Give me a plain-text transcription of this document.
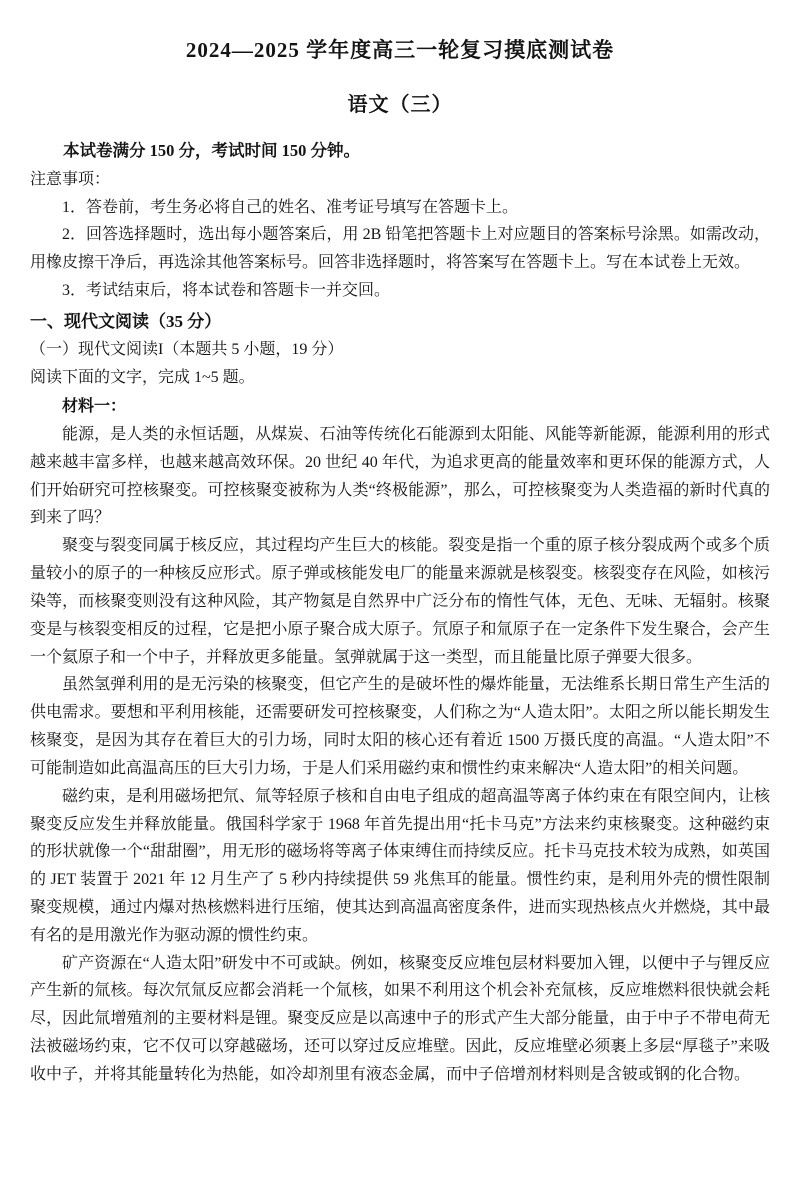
2024—2025 学年度高三一轮复习摸底测试卷
语文（三）

本试卷满分 150 分，考试时间 150 分钟。

注意事项：

1．答卷前，考生务必将自己的姓名、准考证号填写在答题卡上。

2．回答选择题时，选出每小题答案后，用 2B 铅笔把答题卡上对应题目的答案标号涂黑。如需改动，用橡皮擦干净后，再选涂其他答案标号。回答非选择题时，将答案写在答题卡上。写在本试卷上无效。

3．考试结束后，将本试卷和答题卡一并交回。

一、现代文阅读（35 分）

（一）现代文阅读I（本题共 5 小题，19 分）

阅读下面的文字，完成 1~5 题。

材料一：

能源，是人类的永恒话题，从煤炭、石油等传统化石能源到太阳能、风能等新能源，能源利用的形式越来越丰富多样，也越来越高效环保。20 世纪 40 年代，为追求更高的能量效率和更环保的能源方式，人们开始研究可控核聚变。可控核聚变被称为人类“终极能源”，那么，可控核聚变为人类造福的新时代真的到来了吗？

聚变与裂变同属于核反应，其过程均产生巨大的核能。裂变是指一个重的原子核分裂成两个或多个质量较小的原子的一种核反应形式。原子弹或核能发电厂的能量来源就是核裂变。核裂变存在风险，如核污染等，而核聚变则没有这种风险，其产物氦是自然界中广泛分布的惰性气体，无色、无味、无辐射。核聚变是与核裂变相反的过程，它是把小原子聚合成大原子。氘原子和氚原子在一定条件下发生聚合，会产生一个氦原子和一个中子，并释放更多能量。氢弹就属于这一类型，而且能量比原子弹要大很多。

虽然氢弹利用的是无污染的核聚变，但它产生的是破坏性的爆炸能量，无法维系长期日常生产生活的供电需求。要想和平利用核能，还需要研发可控核聚变，人们称之为“人造太阳”。太阳之所以能长期发生核聚变，是因为其存在着巨大的引力场，同时太阳的核心还有着近 1500 万摄氏度的高温。“人造太阳”不可能制造如此高温高压的巨大引力场，于是人们采用磁约束和惯性约束来解决“人造太阳”的相关问题。

磁约束，是利用磁场把氘、氚等轻原子核和自由电子组成的超高温等离子体约束在有限空间内，让核聚变反应发生并释放能量。俄国科学家于 1968 年首先提出用“托卡马克”方法来约束核聚变。这种磁约束的形状就像一个“甜甜圈”，用无形的磁场将等离子体束缚住而持续反应。托卡马克技术较为成熟，如英国的 JET 装置于 2021 年 12 月生产了 5 秒内持续提供 59 兆焦耳的能量。惯性约束，是利用外壳的惯性限制聚变规模，通过内爆对热核燃料进行压缩，使其达到高温高密度条件，进而实现热核点火并燃烧，其中最有名的是用激光作为驱动源的惯性约束。

矿产资源在“人造太阳”研发中不可或缺。例如，核聚变反应堆包层材料要加入锂，以便中子与锂反应产生新的氚核。每次氘氚反应都会消耗一个氚核，如果不利用这个机会补充氚核，反应堆燃料很快就会耗尽，因此氚增殖剂的主要材料是锂。聚变反应是以高速中子的形式产生大部分能量，由于中子不带电荷无法被磁场约束，它不仅可以穿越磁场，还可以穿过反应堆壁。因此，反应堆壁必须裹上多层“厚毯子”来吸收中子，并将其能量转化为热能，如冷却剂里有液态金属，而中子倍增剂材料则是含铍或钢的化合物。
